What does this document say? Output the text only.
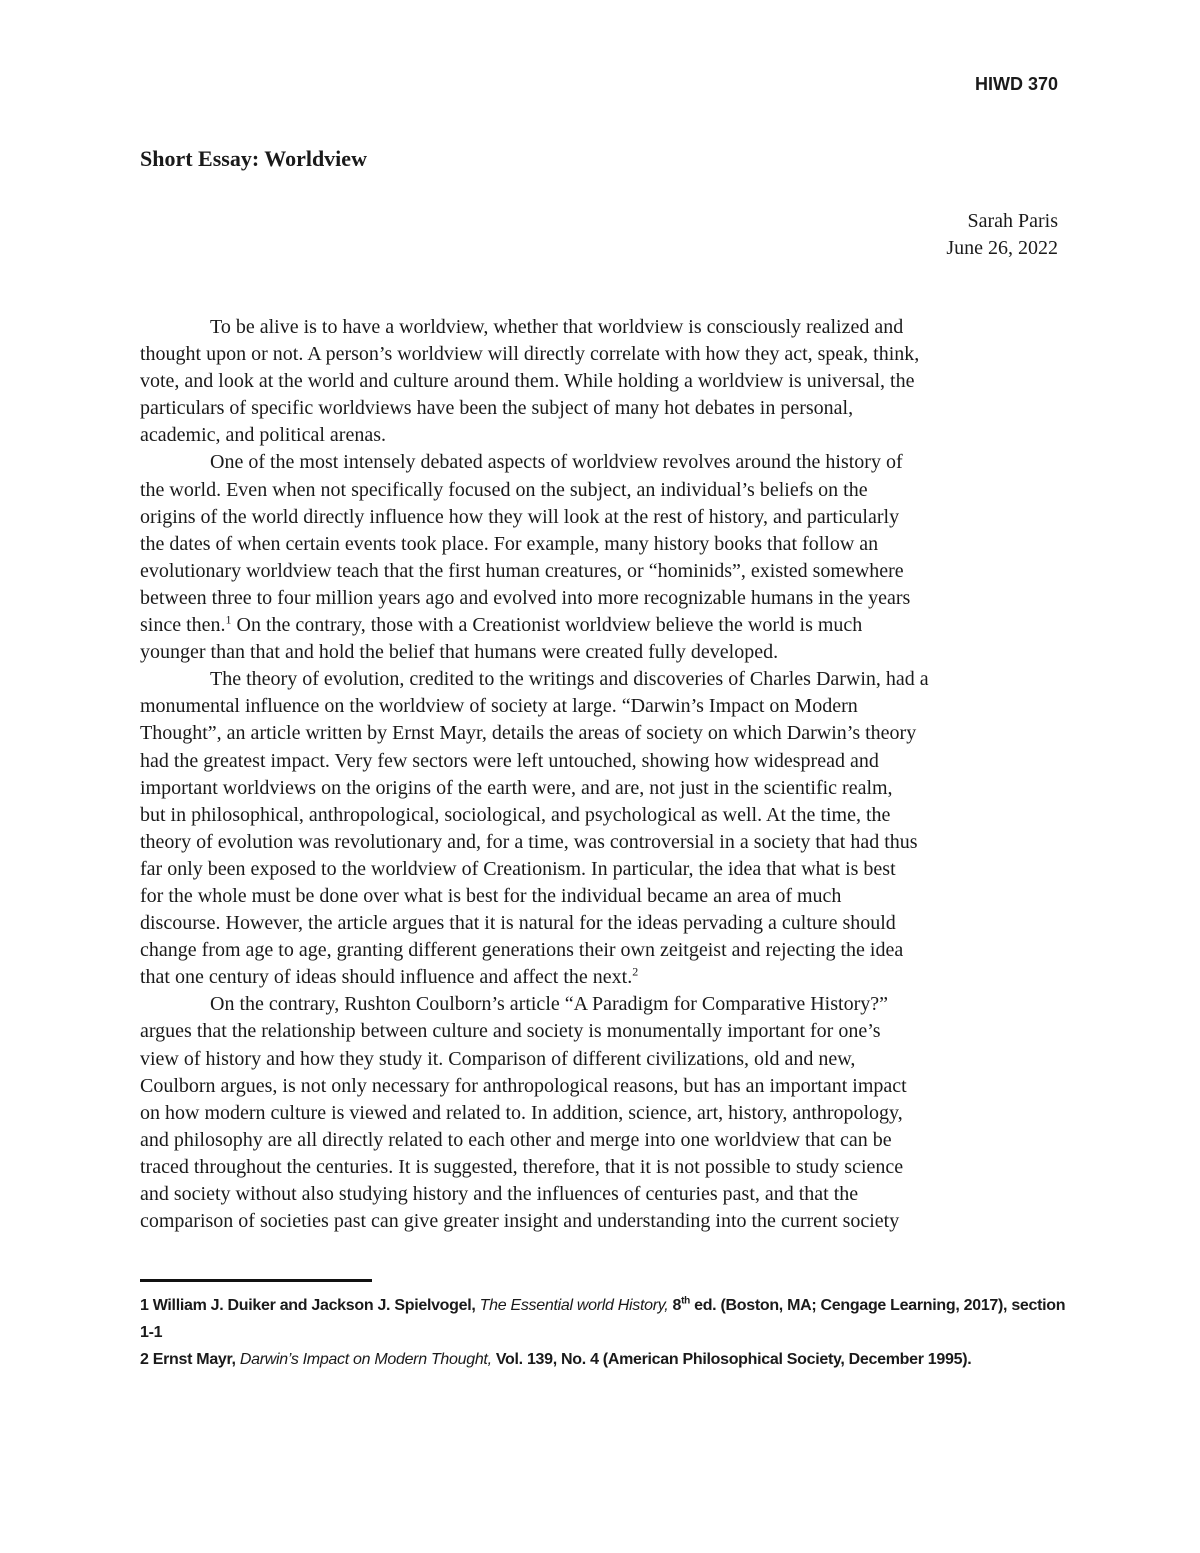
HIWD 370
Short Essay: Worldview
Sarah Paris
June 26, 2022
To be alive is to have a worldview, whether that worldview is consciously realized and
thought upon or not. A person’s worldview will directly correlate with how they act, speak, think,
vote, and look at the world and culture around them. While holding a worldview is universal, the
particulars of specific worldviews have been the subject of many hot debates in personal,
academic, and political arenas.
One of the most intensely debated aspects of worldview revolves around the history of
the world. Even when not specifically focused on the subject, an individual’s beliefs on the
origins of the world directly influence how they will look at the rest of history, and particularly
the dates of when certain events took place. For example, many history books that follow an
evolutionary worldview teach that the first human creatures, or “hominids”, existed somewhere
between three to four million years ago and evolved into more recognizable humans in the years
since then.$^1$ On the contrary, those with a Creationist worldview believe the world is much
younger than that and hold the belief that humans were created fully developed.
The theory of evolution, credited to the writings and discoveries of Charles Darwin, had a
monumental influence on the worldview of society at large. “Darwin’s Impact on Modern
Thought”, an article written by Ernst Mayr, details the areas of society on which Darwin’s theory
had the greatest impact. Very few sectors were left untouched, showing how widespread and
important worldviews on the origins of the earth were, and are, not just in the scientific realm,
but in philosophical, anthropological, sociological, and psychological as well. At the time, the
theory of evolution was revolutionary and, for a time, was controversial in a society that had thus
far only been exposed to the worldview of Creationism. In particular, the idea that what is best
for the whole must be done over what is best for the individual became an area of much
discourse. However, the article argues that it is natural for the ideas pervading a culture should
change from age to age, granting different generations their own zeitgeist and rejecting the idea
that one century of ideas should influence and affect the next.$^2$
On the contrary, Rushton Coulborn’s article “A Paradigm for Comparative History?”
argues that the relationship between culture and society is monumentally important for one’s
view of history and how they study it. Comparison of different civilizations, old and new,
Coulborn argues, is not only necessary for anthropological reasons, but has an important impact
on how modern culture is viewed and related to. In addition, science, art, history, anthropology,
and philosophy are all directly related to each other and merge into one worldview that can be
traced throughout the centuries. It is suggested, therefore, that it is not possible to study science
and society without also studying history and the influences of centuries past, and that the
comparison of societies past can give greater insight and understanding into the current society
1 William J. Duiker and Jackson J. Spielvogel, The Essential world History, 8th ed. (Boston, MA; Cengage Learning, 2017), section 1-1
2 Ernst Mayr, Darwin’s Impact on Modern Thought, Vol. 139, No. 4 (American Philosophical Society, December 1995).
